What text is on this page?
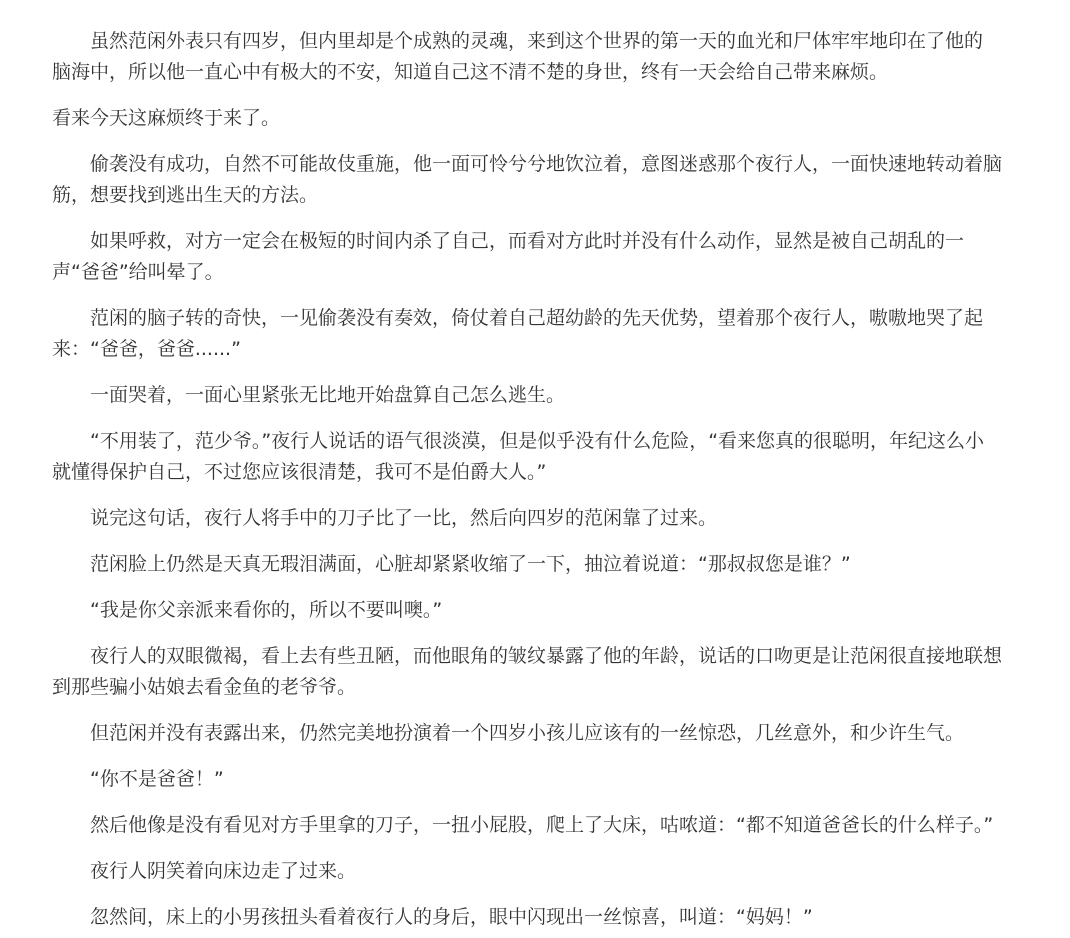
虽然范闲外表只有四岁，但内里却是个成熟的灵魂，来到这个世界的第一天的血光和尸体牢牢地印在了他的
脑海中，所以他一直心中有极大的不安，知道自己这不清不楚的身世，终有一天会给自己带来麻烦。

看来今天这麻烦终于来了。

偷袭没有成功，自然不可能故伎重施，他一面可怜兮兮地饮泣着，意图迷惑那个夜行人，一面快速地转动着脑
筋，想要找到逃出生天的方法。

如果呼救，对方一定会在极短的时间内杀了自己，而看对方此时并没有什么动作，显然是被自己胡乱的一
声“爸爸”给叫晕了。

范闲的脑子转的奇快，一见偷袭没有奏效，倚仗着自己超幼龄的先天优势，望着那个夜行人，嗷嗷地哭了起
来：“爸爸，爸爸......”

一面哭着，一面心里紧张无比地开始盘算自己怎么逃生。

“不用装了，范少爷。”夜行人说话的语气很淡漠，但是似乎没有什么危险，“看来您真的很聪明，年纪这么小
就懂得保护自己，不过您应该很清楚，我可不是伯爵大人。”

说完这句话，夜行人将手中的刀子比了一比，然后向四岁的范闲靠了过来。

范闲脸上仍然是天真无瑕泪满面，心脏却紧紧收缩了一下，抽泣着说道：“那叔叔您是谁？”

“我是你父亲派来看你的，所以不要叫噢。”

夜行人的双眼微褐，看上去有些丑陋，而他眼角的皱纹暴露了他的年龄，说话的口吻更是让范闲很直接地联想
到那些骗小姑娘去看金鱼的老爷爷。

但范闲并没有表露出来，仍然完美地扮演着一个四岁小孩儿应该有的一丝惊恐，几丝意外，和少许生气。

“你不是爸爸！”

然后他像是没有看见对方手里拿的刀子，一扭小屁股，爬上了大床，咕哝道：“都不知道爸爸长的什么样子。”

夜行人阴笑着向床边走了过来。

忽然间，床上的小男孩扭头看着夜行人的身后，眼中闪现出一丝惊喜，叫道：“妈妈！”
